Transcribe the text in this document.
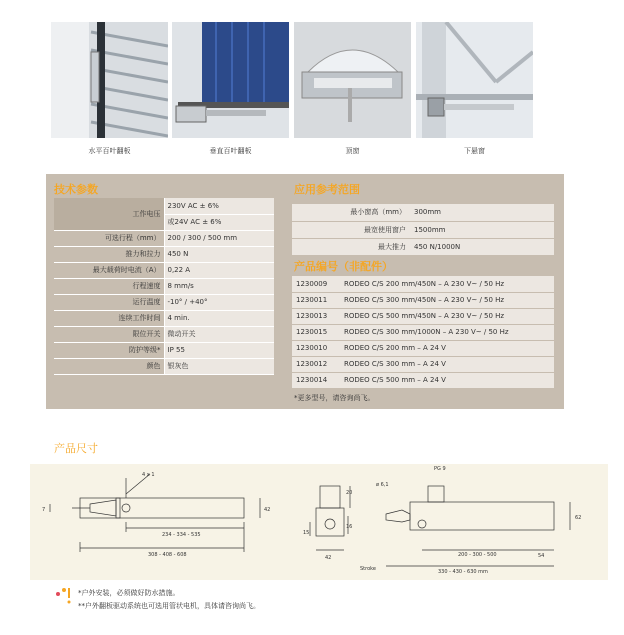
水平百叶翻板	垂直百叶翻板	顶窗	下悬窗
技术参数
工作电压	230V AC ± 6%
	或24V AC ± 6%
可选行程（mm）	200 / 300 / 500 mm
推力和拉力	450 N
最大载荷时电流（A）	0,22 A
行程速度	8 mm/s
运行温度	-10° / +40°
连续工作时间	4 min.
限位开关	微动开关
防护等级*	IP 55
颜色	银灰色
应用参考范围
最小窗高（mm）	300mm
最宽使用窗户	1500mm
最大推力	450 N/1000N
产品编号（非配件）
1230009	RODEO C/S 200 mm/450N – A 230 V~ / 50 Hz
1230011	RODEO C/S 300 mm/450N – A 230 V~ / 50 Hz
1230013	RODEO C/S 500 mm/450N – A 230 V~ / 50 Hz
1230015	RODEO C/S 300 mm/1000N – A 230 V~ / 50 Hz
1230010	RODEO C/S 200 mm – A 24 V
1230012	RODEO C/S 300 mm – A 24 V
1230014	RODEO C/S 500 mm – A 24 V
*更多型号，请咨询尚飞。
产品尺寸
4 x 1
7	42
234 - 334 - 535
308 - 408 - 608
20
15
16
42
PG 9
ø 6,1
62
54
200 - 300 - 500
Stroke	330 - 430 - 630 mm
*户外安装，必须做好防水措施。
**户外翻板驱动系统也可选用管状电机，具体请咨询尚飞。
